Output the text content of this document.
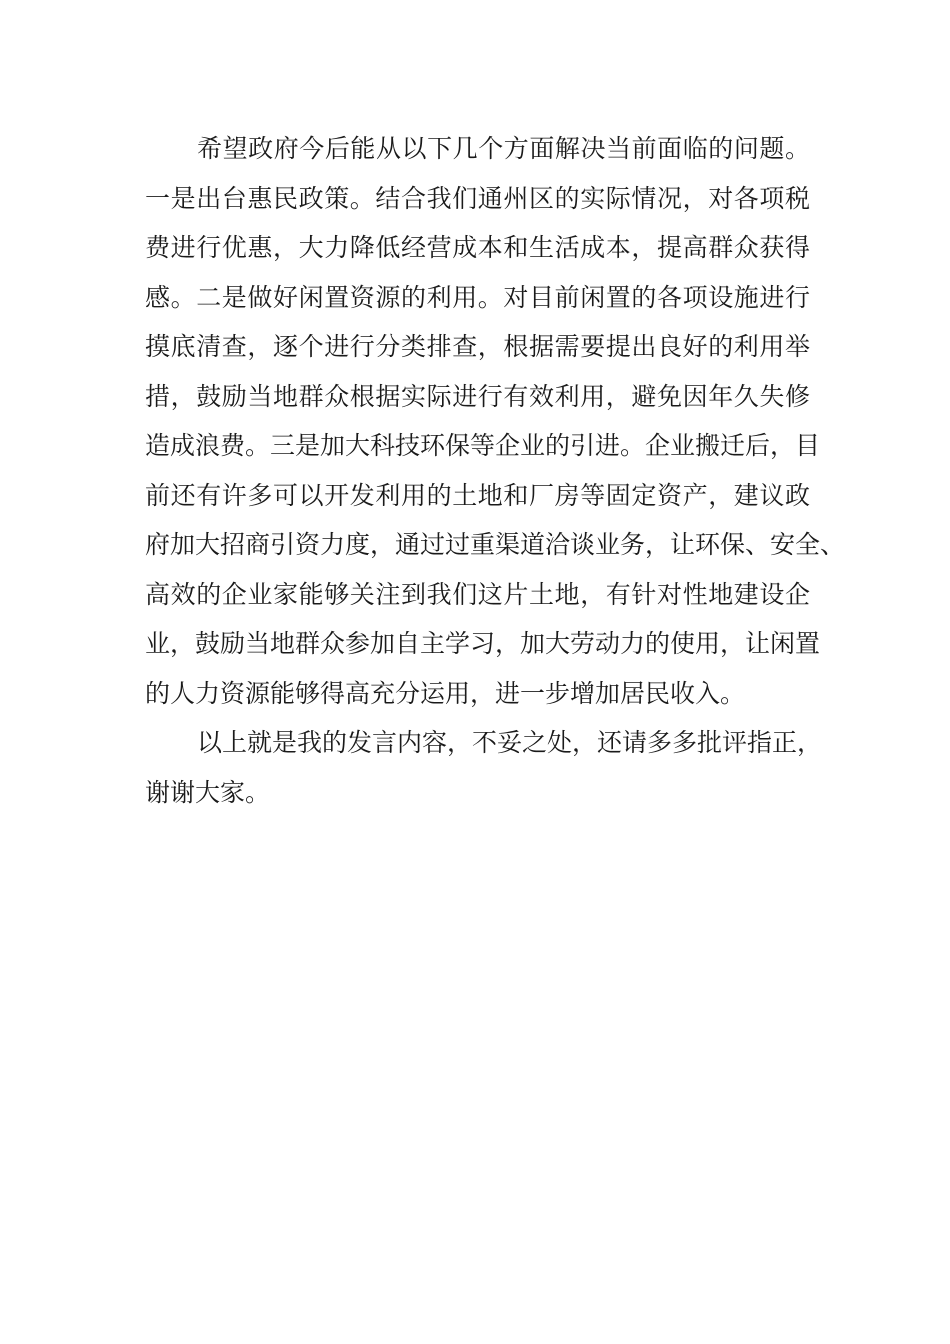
希望政府今后能从以下几个方面解决当前面临的问题。
一是出台惠民政策。结合我们通州区的实际情况，对各项税
费进行优惠，大力降低经营成本和生活成本，提高群众获得
感。二是做好闲置资源的利用。对目前闲置的各项设施进行
摸底清查，逐个进行分类排查，根据需要提出良好的利用举
措，鼓励当地群众根据实际进行有效利用，避免因年久失修
造成浪费。三是加大科技环保等企业的引进。企业搬迁后，目
前还有许多可以开发利用的土地和厂房等固定资产，建议政
府加大招商引资力度，通过过重渠道洽谈业务，让环保、安全、
高效的企业家能够关注到我们这片土地，有针对性地建设企
业，鼓励当地群众参加自主学习，加大劳动力的使用，让闲置
的人力资源能够得高充分运用，进一步增加居民收入。
以上就是我的发言内容，不妥之处，还请多多批评指正，
谢谢大家。
